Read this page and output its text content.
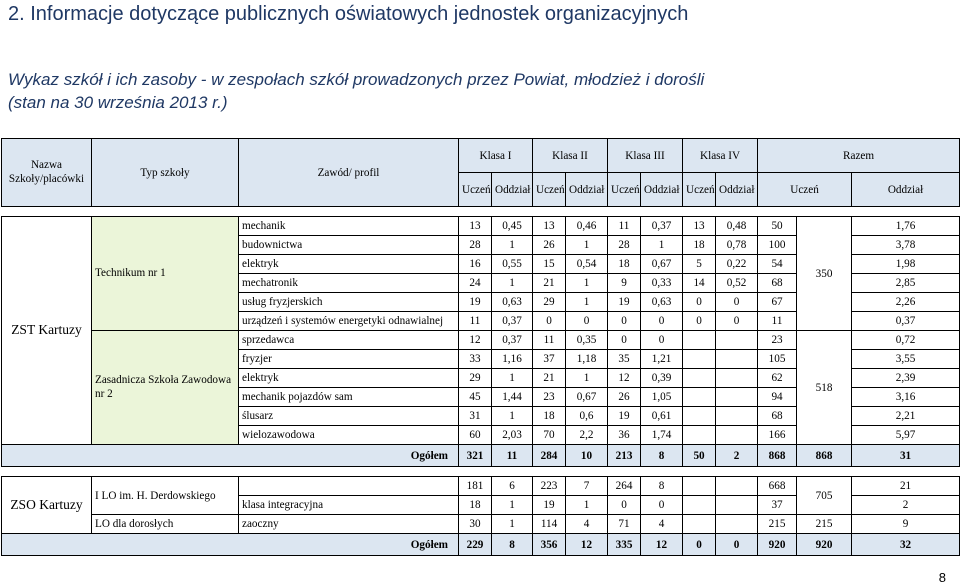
2. Informacje dotyczące publicznych oświatowych jednostek organizacyjnych
Wykaz szkół i ich zasoby - w zespołach szkół prowadzonych przez Powiat, młodzież i dorośli
(stan na 30 września 2013 r.)
Nazwa Szkoły/placówki	Typ szkoły	Zawód/ profil	Klasa I		Klasa II		Klasa III		Klasa IV		Razem		
			Uczeń	Oddział	Uczeń	Oddział	Uczeń	Oddział	Uczeń	Oddział	Uczeń		Oddział

ZST Kartuzy	Technikum nr 1	mechanik	13	0,45	13	0,46	11	0,37	13	0,48	50	350	1,76
		budownictwa	28	1	26	1	28	1	18	0,78	100		3,78
		elektryk	16	0,55	15	0,54	18	0,67	5	0,22	54		1,98
		mechatronik	24	1	21	1	9	0,33	14	0,52	68		2,85
		usług fryzjerskich	19	0,63	29	1	19	0,63	0	0	67		2,26
		urządzeń i systemów energetyki odnawialnej	11	0,37	0	0	0	0	0	0	11		0,37
	Zasadnicza Szkoła Zawodowa nr 2	sprzedawca	12	0,37	11	0,35	0	0			23	518	0,72
		fryzjer	33	1,16	37	1,18	35	1,21			105		3,55
		elektryk	29	1	21	1	12	0,39			62		2,39
		mechanik pojazdów sam	45	1,44	23	0,67	26	1,05			94		3,16
		ślusarz	31	1	18	0,6	19	0,61			68		2,21
		wielozawodowa	60	2,03	70	2,2	36	1,74			166		5,97
Ogółem			321	11	284	10	213	8	50	2	868	868	31

ZSO Kartuzy	I LO im. H. Derdowskiego		181	6	223	7	264	8			668	705	21
		klasa integracyjna	18	1	19	1	0	0			37		2
	LO dla dorosłych	zaoczny	30	1	114	4	71	4			215	215	9
Ogółem			229	8	356	12	335	12	0	0	920	920	32
8
